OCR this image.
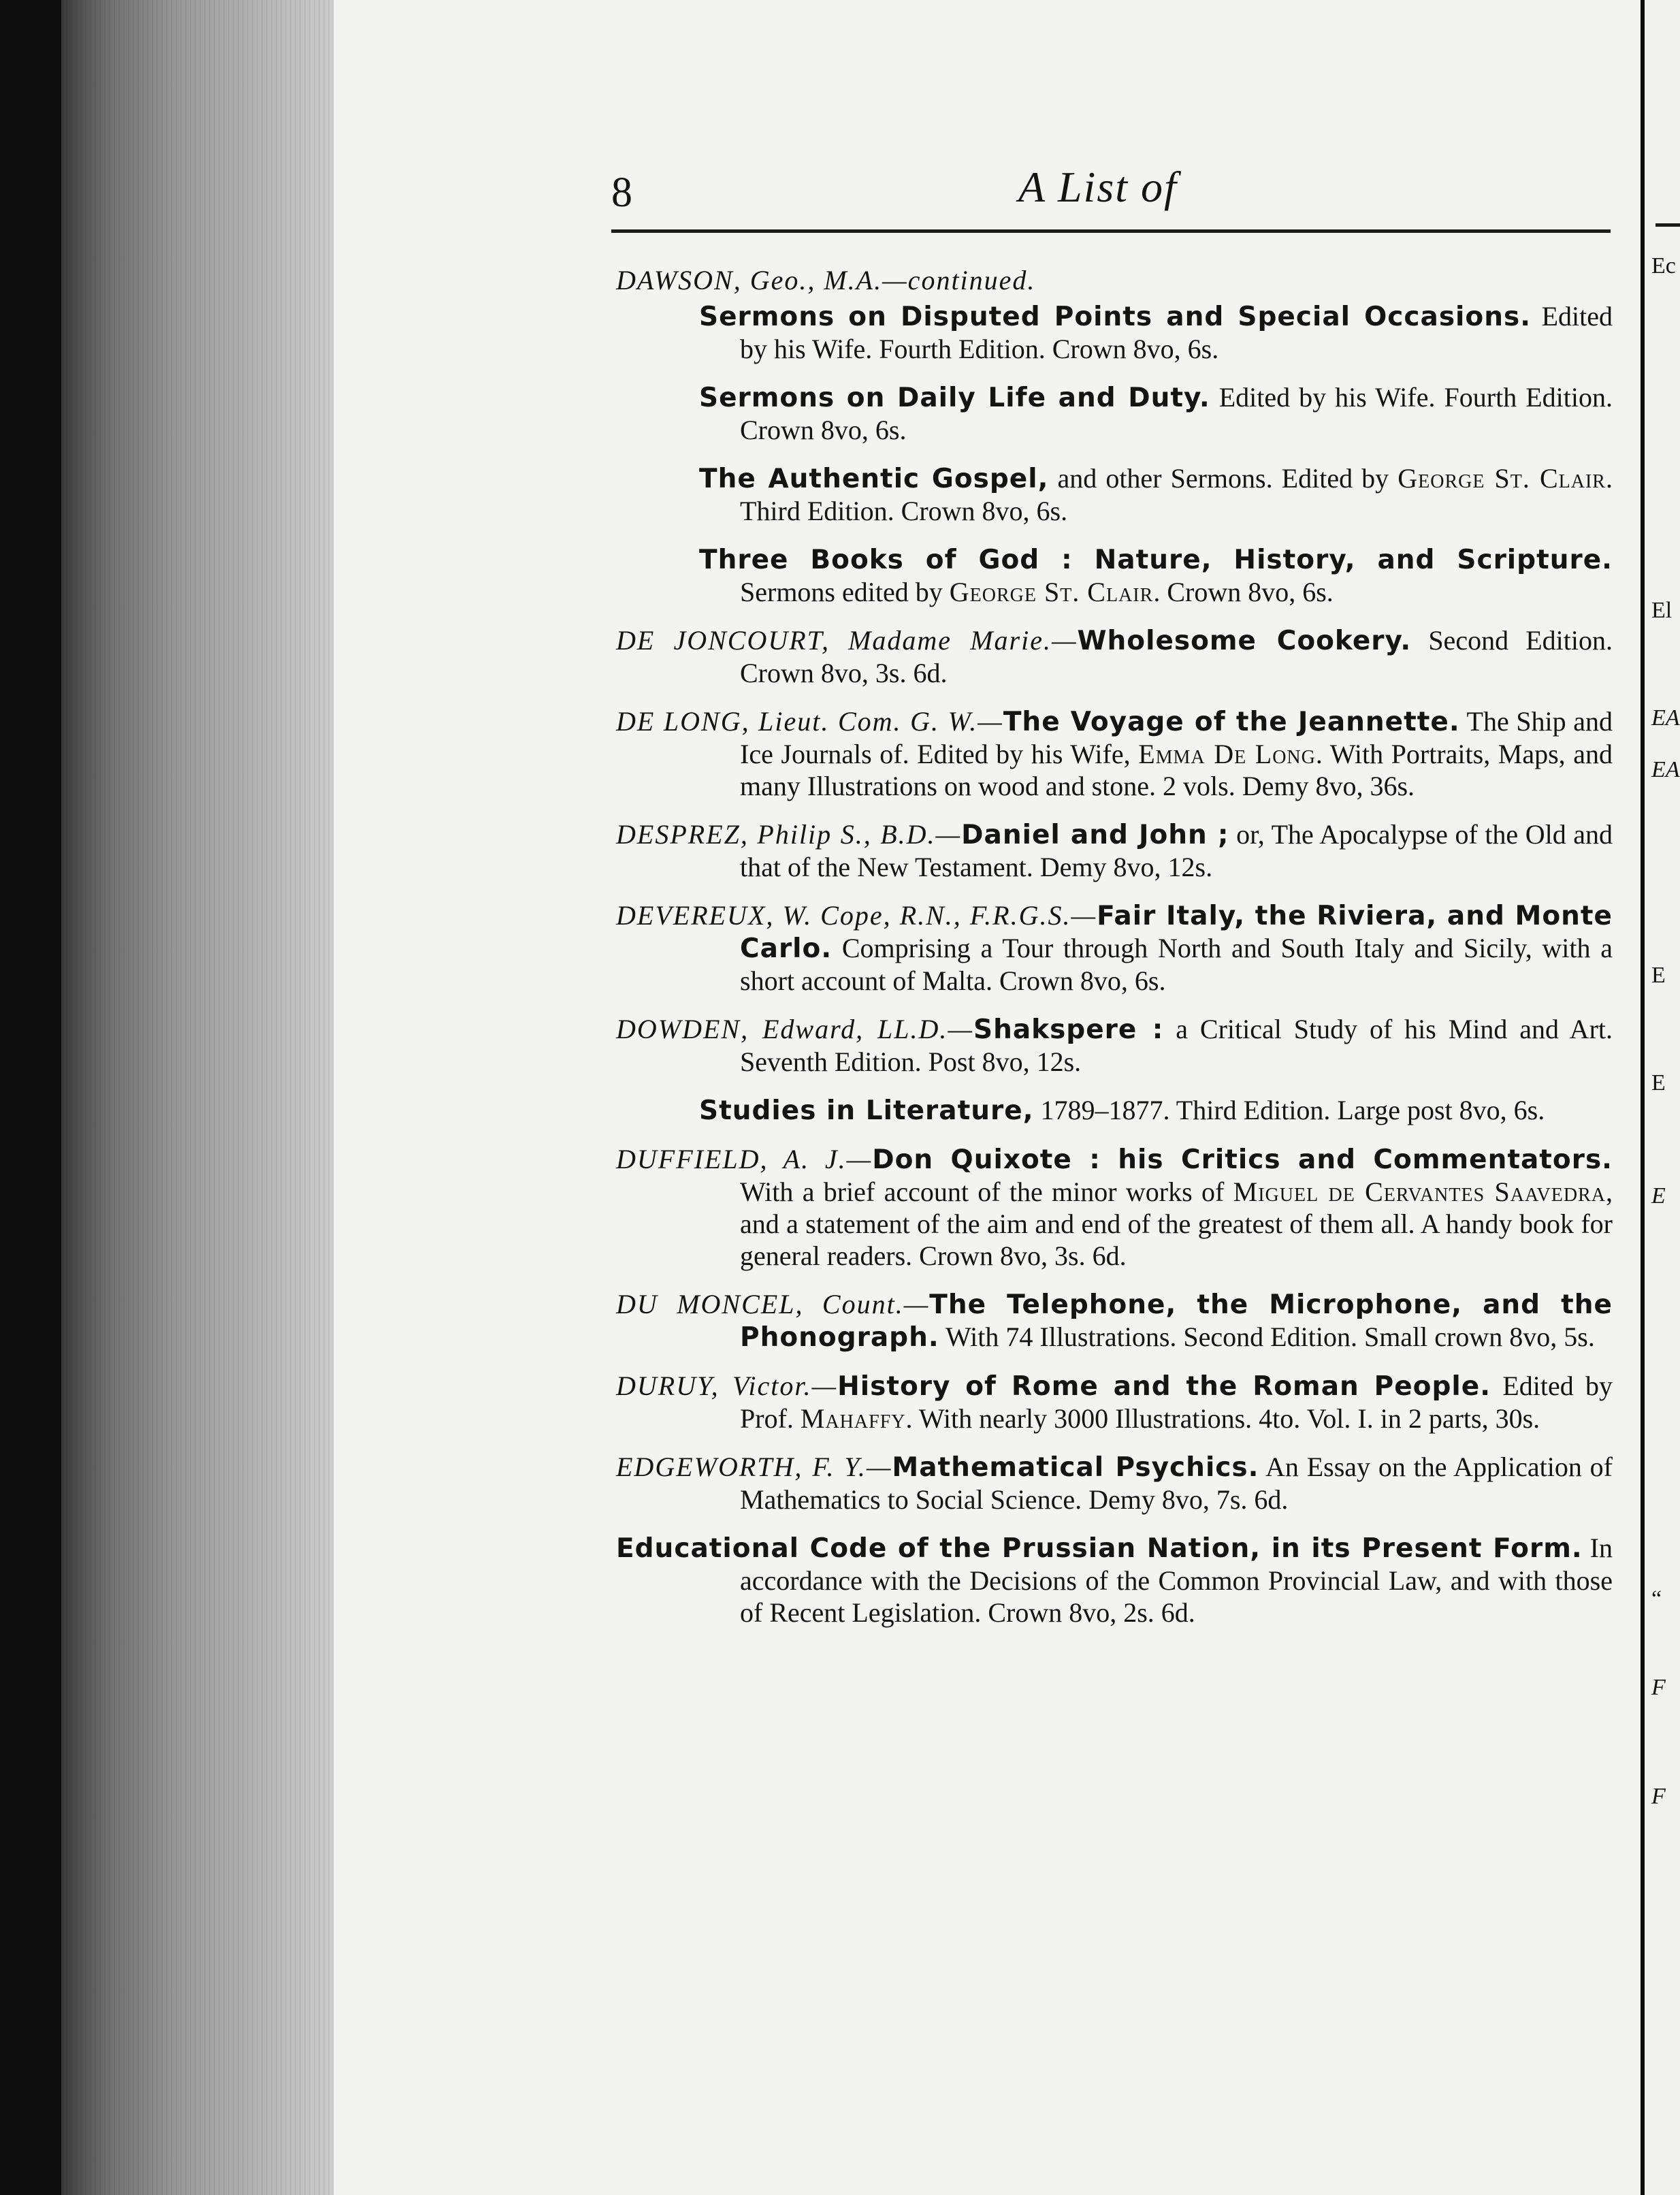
8	A List of
Ec
El
EA
EA
E
E
E
“
F
F
DAWSON, Geo., M.A.—continued.
Sermons on Disputed Points and Special Occasions. Edited by his Wife. Fourth Edition. Crown 8vo, 6s.
Sermons on Daily Life and Duty. Edited by his Wife. Fourth Edition. Crown 8vo, 6s.
The Authentic Gospel, and other Sermons. Edited by George St. Clair. Third Edition. Crown 8vo, 6s.
Three Books of God : Nature, History, and Scripture. Sermons edited by George St. Clair. Crown 8vo, 6s.
DE JONCOURT, Madame Marie.—Wholesome Cookery. Second Edition. Crown 8vo, 3s. 6d.
DE LONG, Lieut. Com. G. W.—The Voyage of the Jeannette. The Ship and Ice Journals of. Edited by his Wife, Emma De Long. With Portraits, Maps, and many Illustrations on wood and stone. 2 vols. Demy 8vo, 36s.
DESPREZ, Philip S., B.D.—Daniel and John ; or, The Apocalypse of the Old and that of the New Testament. Demy 8vo, 12s.
DEVEREUX, W. Cope, R.N., F.R.G.S.—Fair Italy, the Riviera, and Monte Carlo. Comprising a Tour through North and South Italy and Sicily, with a short account of Malta. Crown 8vo, 6s.
DOWDEN, Edward, LL.D.—Shakspere : a Critical Study of his Mind and Art. Seventh Edition. Post 8vo, 12s.
Studies in Literature, 1789–1877. Third Edition. Large post 8vo, 6s.
DUFFIELD, A. J.—Don Quixote : his Critics and Commentators. With a brief account of the minor works of Miguel de Cervantes Saavedra, and a statement of the aim and end of the greatest of them all. A handy book for general readers. Crown 8vo, 3s. 6d.
DU MONCEL, Count.—The Telephone, the Microphone, and the Phonograph. With 74 Illustrations. Second Edition. Small crown 8vo, 5s.
DURUY, Victor.—History of Rome and the Roman People. Edited by Prof. Mahaffy. With nearly 3000 Illustrations. 4to. Vol. I. in 2 parts, 30s.
EDGEWORTH, F. Y.—Mathematical Psychics. An Essay on the Application of Mathematics to Social Science. Demy 8vo, 7s. 6d.
Educational Code of the Prussian Nation, in its Present Form. In accordance with the Decisions of the Common Provincial Law, and with those of Recent Legislation. Crown 8vo, 2s. 6d.
